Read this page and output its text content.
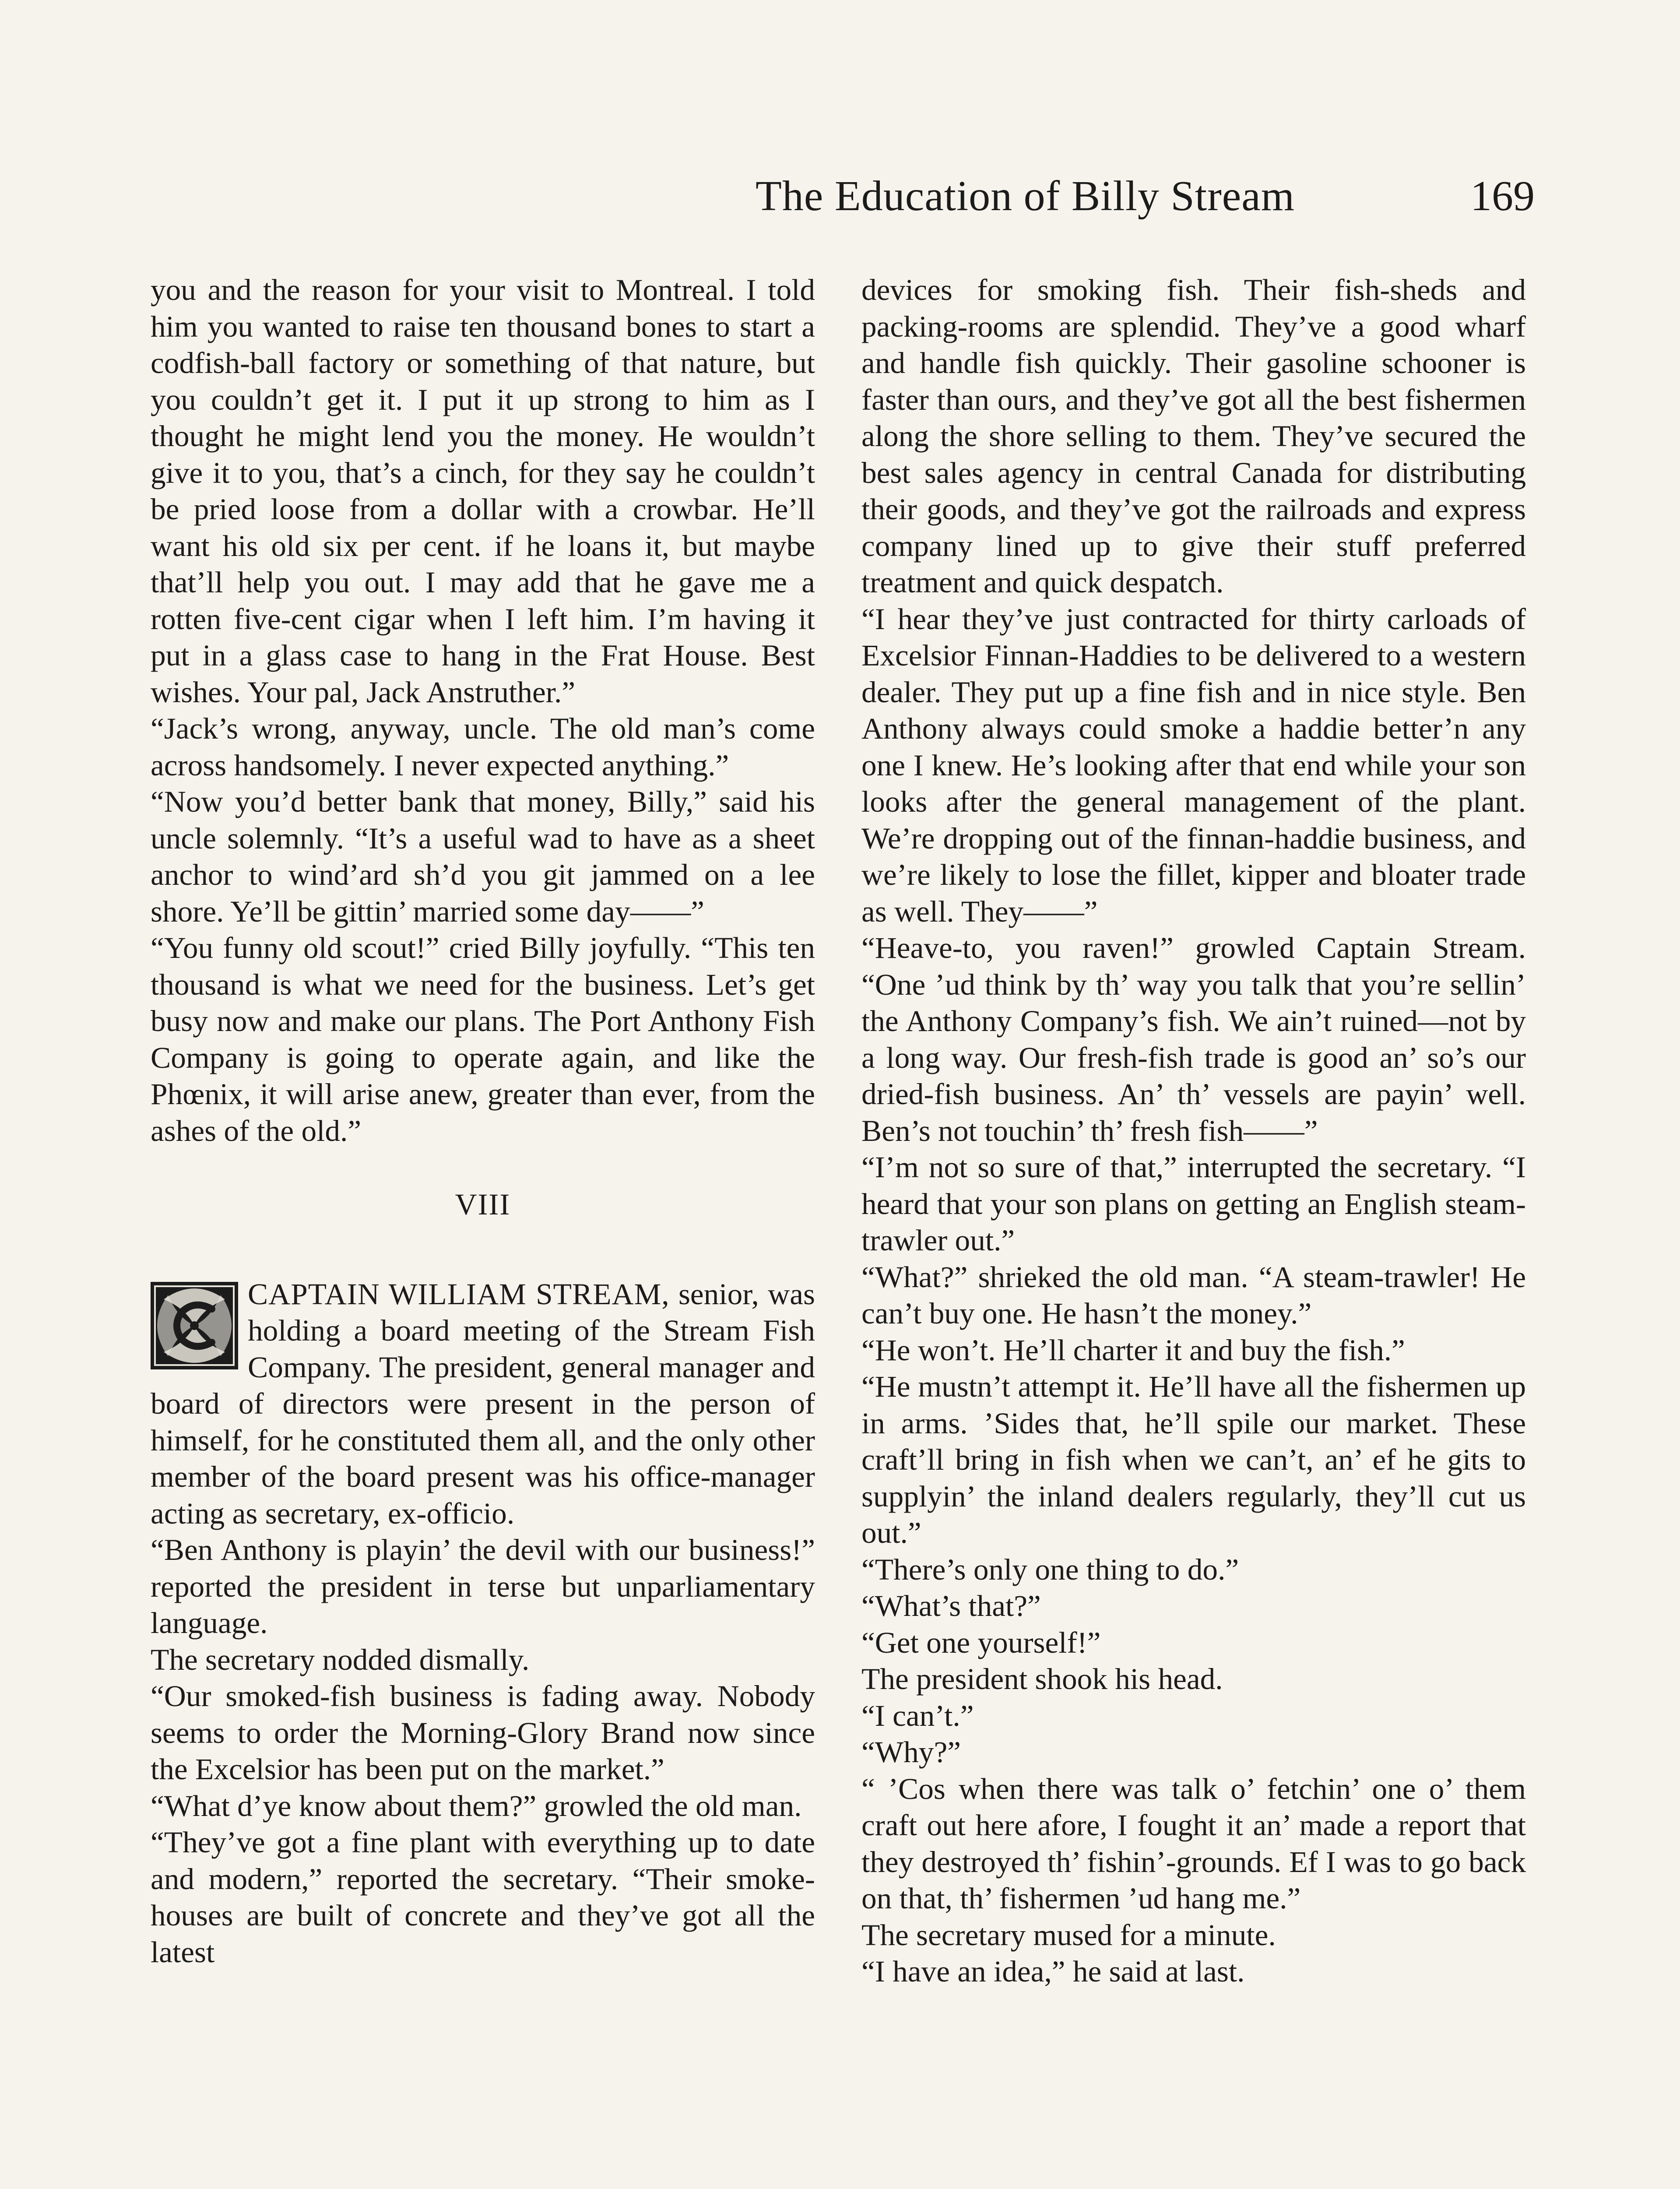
The Education of Billy Stream	169

you and the reason for your visit to Montreal. I told him you wanted to raise ten thousand bones to start a codfish-ball factory or something of that nature, but you couldn’t get it. I put it up strong to him as I thought he might lend you the money. He wouldn’t give it to you, that’s a cinch, for they say he couldn’t be pried loose from a dollar with a crowbar. He’ll want his old six per cent. if he loans it, but maybe that’ll help you out. I may add that he gave me a rotten five-cent cigar when I left him. I’m having it put in a glass case to hang in the Frat House. Best wishes. Your pal, Jack Anstruther.”

“Jack’s wrong, anyway, uncle. The old man’s come across handsomely. I never expected anything.”

“Now you’d better bank that money, Billy,” said his uncle solemnly. “It’s a useful wad to have as a sheet anchor to wind’ard sh’d you git jammed on a lee shore. Ye’ll be gittin’ married some day——”

“You funny old scout!” cried Billy joyfully. “This ten thousand is what we need for the business. Let’s get busy now and make our plans. The Port Anthony Fish Company is going to operate again, and like the Phœnix, it will arise anew, greater than ever, from the ashes of the old.”

VIII

CAPTAIN WILLIAM STREAM, senior, was holding a board meeting of the Stream Fish Company. The president, general manager and board of directors were present in the person of himself, for he constituted them all, and the only other member of the board present was his office-manager acting as secretary, ex-officio.

“Ben Anthony is playin’ the devil with our business!” reported the president in terse but unparliamentary language.

The secretary nodded dismally.

“Our smoked-fish business is fading away. Nobody seems to order the Morning-Glory Brand now since the Excelsior has been put on the market.”

“What d’ye know about them?” growled the old man.

“They’ve got a fine plant with everything up to date and modern,” reported the secretary. “Their smoke-houses are built of concrete and they’ve got all the latest

devices for smoking fish. Their fish-sheds and packing-rooms are splendid. They’ve a good wharf and handle fish quickly. Their gasoline schooner is faster than ours, and they’ve got all the best fishermen along the shore selling to them. They’ve secured the best sales agency in central Canada for distributing their goods, and they’ve got the railroads and express company lined up to give their stuff preferred treatment and quick despatch.

“I hear they’ve just contracted for thirty carloads of Excelsior Finnan-Haddies to be delivered to a western dealer. They put up a fine fish and in nice style. Ben Anthony always could smoke a haddie better’n any one I knew. He’s looking after that end while your son looks after the general management of the plant. We’re dropping out of the finnan-haddie business, and we’re likely to lose the fillet, kipper and bloater trade as well. They——”

“Heave-to, you raven!” growled Captain Stream. “One ’ud think by th’ way you talk that you’re sellin’ the Anthony Company’s fish. We ain’t ruined—not by a long way. Our fresh-fish trade is good an’ so’s our dried-fish business. An’ th’ vessels are payin’ well. Ben’s not touchin’ th’ fresh fish——”

“I’m not so sure of that,” interrupted the secretary. “I heard that your son plans on getting an English steam-trawler out.”

“What?” shrieked the old man. “A steam-trawler! He can’t buy one. He hasn’t the money.”

“He won’t. He’ll charter it and buy the fish.”

“He mustn’t attempt it. He’ll have all the fishermen up in arms. ’Sides that, he’ll spile our market. These craft’ll bring in fish when we can’t, an’ ef he gits to supplyin’ the inland dealers regularly, they’ll cut us out.”

“There’s only one thing to do.”

“What’s that?”

“Get one yourself!”

The president shook his head.

“I can’t.”

“Why?”

“ ’Cos when there was talk o’ fetchin’ one o’ them craft out here afore, I fought it an’ made a report that they destroyed th’ fishin’-grounds. Ef I was to go back on that, th’ fishermen ’ud hang me.”

The secretary mused for a minute.

“I have an idea,” he said at last.
